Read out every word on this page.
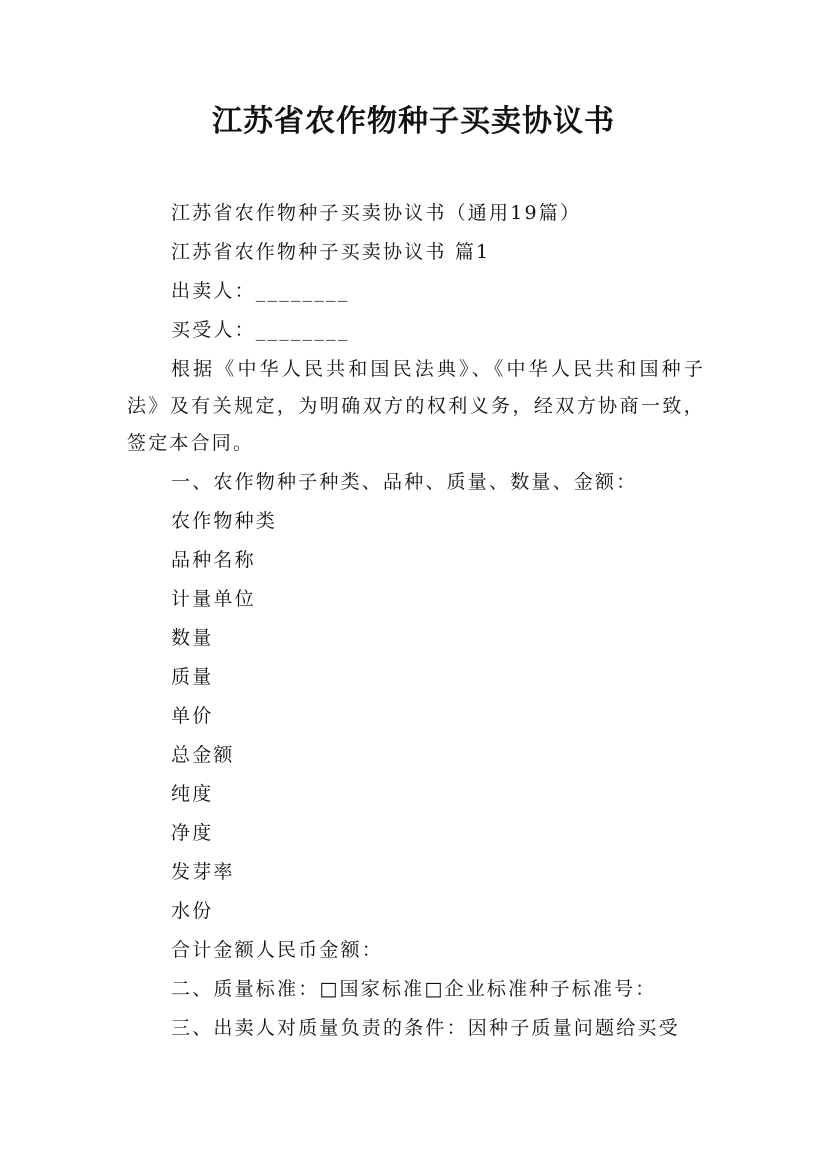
江苏省农作物种子买卖协议书
江苏省农作物种子买卖协议书（通用19篇）
江苏省农作物种子买卖协议书 篇1
出卖人：________
买受人：________

根据《中华人民共和国民法典》、《中华人民共和国种子法》及有关规定，为明确双方的权利义务，经双方协商一致，签定本合同。

一、农作物种子种类、品种、质量、数量、金额：
农作物种类
品种名称
计量单位
数量
质量
单价
总金额
纯度
净度
发芽率
水份
合计金额人民币金额：
二、质量标准：□国家标准□企业标准种子标准号：
三、出卖人对质量负责的条件：因种子质量问题给买受
